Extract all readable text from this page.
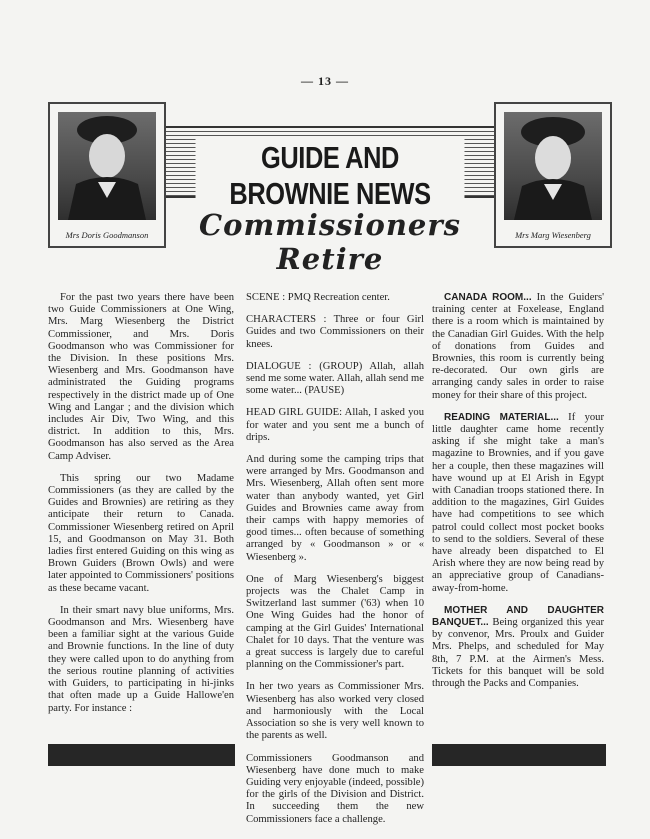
— 13 —
Mrs Doris Goodmanson	Mrs Marg Wiesenberg
GUIDE AND BROWNIE NEWS
Commissioners Retire

For the past two years there have been two Guide Commissioners at One Wing, Mrs. Marg Wiesenberg the District Commissioner, and Mrs. Doris Goodmanson who was Commissioner for the Division. In these positions Mrs. Wiesenberg and Mrs. Goodmanson have administrated the Guiding programs respectively in the district made up of One Wing and Langar ; and the division which includes Air Div, Two Wing, and this district. In addition to this, Mrs. Goodmanson has also served as the Area Camp Adviser.

This spring our two Madame Commissioners (as they are called by the Guides and Brownies) are retiring as they anticipate their return to Canada. Commissioner Wiesenberg retired on April 15, and Goodmanson on May 31. Both ladies first entered Guiding on this wing as Brown Guiders (Brown Owls) and were later appointed to Commissioners' positions as these became vacant.

In their smart navy blue uniforms, Mrs. Goodmanson and Mrs. Wiesenberg have been a familiar sight at the various Guide and Brownie functions. In the line of duty they were called upon to do anything from the serious routine planning of activities with Guiders, to participating in hi-jinks that often made up a Guide Hallowe'en party. For instance :

SCENE : PMQ Recreation center.

CHARACTERS : Three or four Girl Guides and two Commissioners on their knees.

DIALOGUE : (GROUP) Allah, allah send me some water. Allah, allah send me some water... (PAUSE)

HEAD GIRL GUIDE: Allah, I asked you for water and you sent me a bunch of drips.

And during some the camping trips that were arranged by Mrs. Goodmanson and Mrs. Wiesenberg, Allah often sent more water than anybody wanted, yet Girl Guides and Brownies came away from their camps with happy memories of good times... often because of something arranged by « Goodmanson » or « Wiesenberg ».

One of Marg Wiesenberg's biggest projects was the Chalet Camp in Switzerland last summer ('63) when 10 One Wing Guides had the honor of camping at the Girl Guides' International Chalet for 10 days. That the venture was a great success is largely due to careful planning on the Commissioner's part.

In her two years as Commissioner Mrs. Wiesenberg has also worked very closed and harmoniously with the Local Association so she is very well known to the parents as well.

Commissioners Goodmanson and Wiesenberg have done much to make Guiding very enjoyable (indeed, possible) for the girls of the Division and District. In succeeding them the new Commissioners face a challenge.

CANADA ROOM... In the Guiders' training center at Foxelease, England there is a room which is maintained by the Canadian Girl Guides. With the help of donations from Guides and Brownies, this room is currently being re-decorated. Our own girls are arranging candy sales in order to raise money for their share of this project.

READING MATERIAL... If your little daughter came home recently asking if she might take a man's magazine to Brownies, and if you gave her a couple, then these magazines will have wound up at El Arish in Egypt with Canadian troops stationed there. In addition to the magazines, Girl Guides have had competitions to see which patrol could collect most pocket books to send to the soldiers. Several of these have already been dispatched to El Arish where they are now being read by an appreciative group of Canadians-away-from-home.

MOTHER AND DAUGHTER BANQUET... Being organized this year by convenor, Mrs. Proulx and Guider Mrs. Phelps, and scheduled for May 8th, 7 P.M. at the Airmen's Mess. Tickets for this banquet will be sold through the Packs and Companies.
